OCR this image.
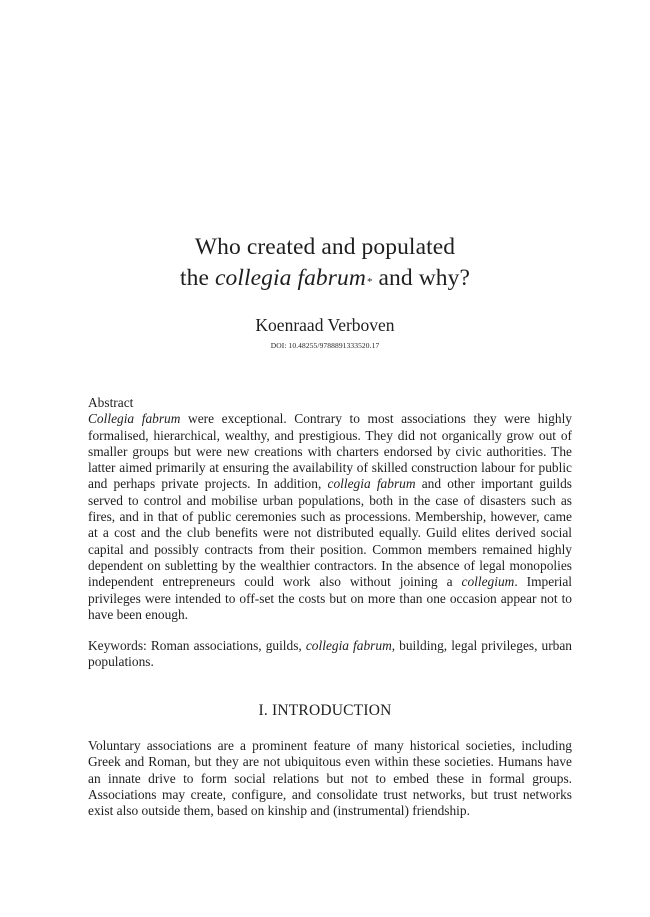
Who created and populated
the collegia fabrum* and why?

Koenraad Verboven

DOI: 10.48255/9788891333520.17

Abstract

Collegia fabrum were exceptional. Contrary to most associations they were highly formalised, hierarchical, wealthy, and prestigious. They did not organically grow out of smaller groups but were new creations with charters endorsed by civic authorities. The latter aimed primarily at ensuring the availability of skilled construction labour for public and perhaps private projects. In addition, collegia fabrum and other important guilds served to control and mobilise urban populations, both in the case of disasters such as fires, and in that of public ceremonies such as processions. Membership, however, came at a cost and the club benefits were not distributed equally. Guild elites derived social capital and possibly contracts from their position. Common members remained highly dependent on subletting by the wealthier contractors. In the absence of legal monopolies independent entrepreneurs could work also without joining a collegium. Imperial privileges were intended to off-set the costs but on more than one occasion appear not to have been enough.

Keywords: Roman associations, guilds, collegia fabrum, building, legal privileges, urban populations.

I. INTRODUCTION

Voluntary associations are a prominent feature of many historical societies, including Greek and Roman, but they are not ubiquitous even within these societies. Humans have an innate drive to form social relations but not to embed these in formal groups. Associations may create, configure, and consolidate trust networks, but trust networks exist also outside them, based on kinship and (instrumental) friendship.
